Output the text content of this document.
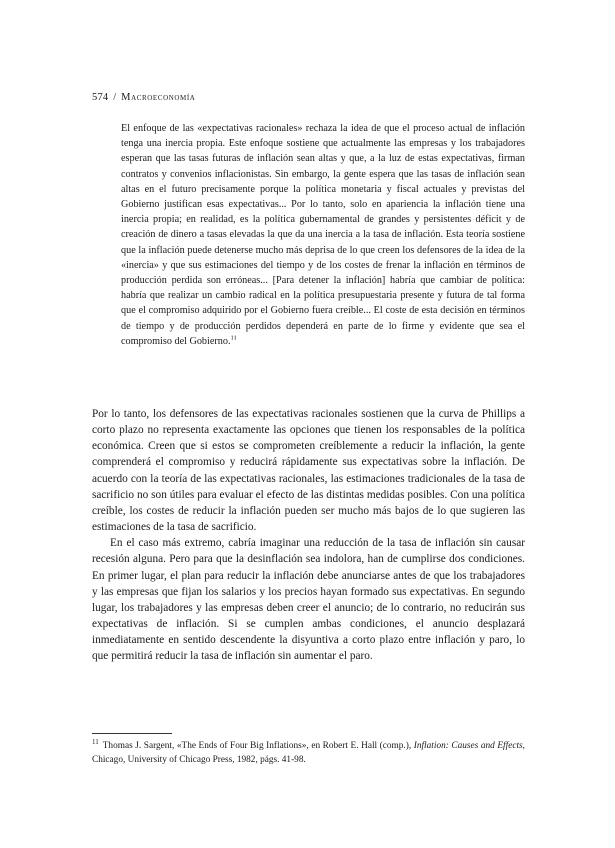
574 / Macroeconomía
El enfoque de las «expectativas racionales» rechaza la idea de que el proceso actual de inflación tenga una inercia propia. Este enfoque sostiene que actualmente las empresas y los trabajadores esperan que las tasas futuras de inflación sean altas y que, a la luz de estas expectativas, firman contratos y convenios inflacionistas. Sin embargo, la gente espera que las tasas de inflación sean altas en el futuro precisamente porque la política monetaria y fiscal actuales y previstas del Gobierno justifican esas expectativas... Por lo tanto, solo en apariencia la inflación tiene una inercia propia; en realidad, es la política gubernamental de grandes y persistentes déficit y de creación de dinero a tasas elevadas la que da una inercia a la tasa de inflación. Esta teoría sostiene que la inflación puede detenerse mucho más deprisa de lo que creen los defensores de la idea de la «inercia» y que sus estimaciones del tiempo y de los costes de frenar la inflación en términos de producción perdida son erróneas... [Para detener la inflación] habría que cambiar de política: habría que realizar un cambio radical en la política presupuestaria presente y futura de tal forma que el compromiso adquirido por el Gobierno fuera creíble... El coste de esta decisión en términos de tiempo y de producción perdidos dependerá en parte de lo firme y evidente que sea el compromiso del Gobierno.$^{11}$

Por lo tanto, los defensores de las expectativas racionales sostienen que la curva de Phillips a corto plazo no representa exactamente las opciones que tienen los responsables de la política económica. Creen que si estos se comprometen creíblemente a reducir la inflación, la gente comprenderá el compromiso y reducirá rápidamente sus expectativas sobre la inflación. De acuerdo con la teoría de las expectativas racionales, las estimaciones tradicionales de la tasa de sacrificio no son útiles para evaluar el efecto de las distintas medidas posibles. Con una política creíble, los costes de reducir la inflación pueden ser mucho más bajos de lo que sugieren las estimaciones de la tasa de sacrificio.

En el caso más extremo, cabría imaginar una reducción de la tasa de inflación sin causar recesión alguna. Pero para que la desinflación sea indolora, han de cumplirse dos condiciones. En primer lugar, el plan para reducir la inflación debe anunciarse antes de que los trabajadores y las empresas que fijan los salarios y los precios hayan formado sus expectativas. En segundo lugar, los trabajadores y las empresas deben creer el anuncio; de lo contrario, no reducirán sus expectativas de inflación. Si se cumplen ambas condiciones, el anuncio desplazará inmediatamente en sentido descendente la disyuntiva a corto plazo entre inflación y paro, lo que permitirá reducir la tasa de inflación sin aumentar el paro.

$^{11}$ Thomas J. Sargent, «The Ends of Four Big Inflations», en Robert E. Hall (comp.), Inflation: Causes and Effects, Chicago, University of Chicago Press, 1982, págs. 41-98.
